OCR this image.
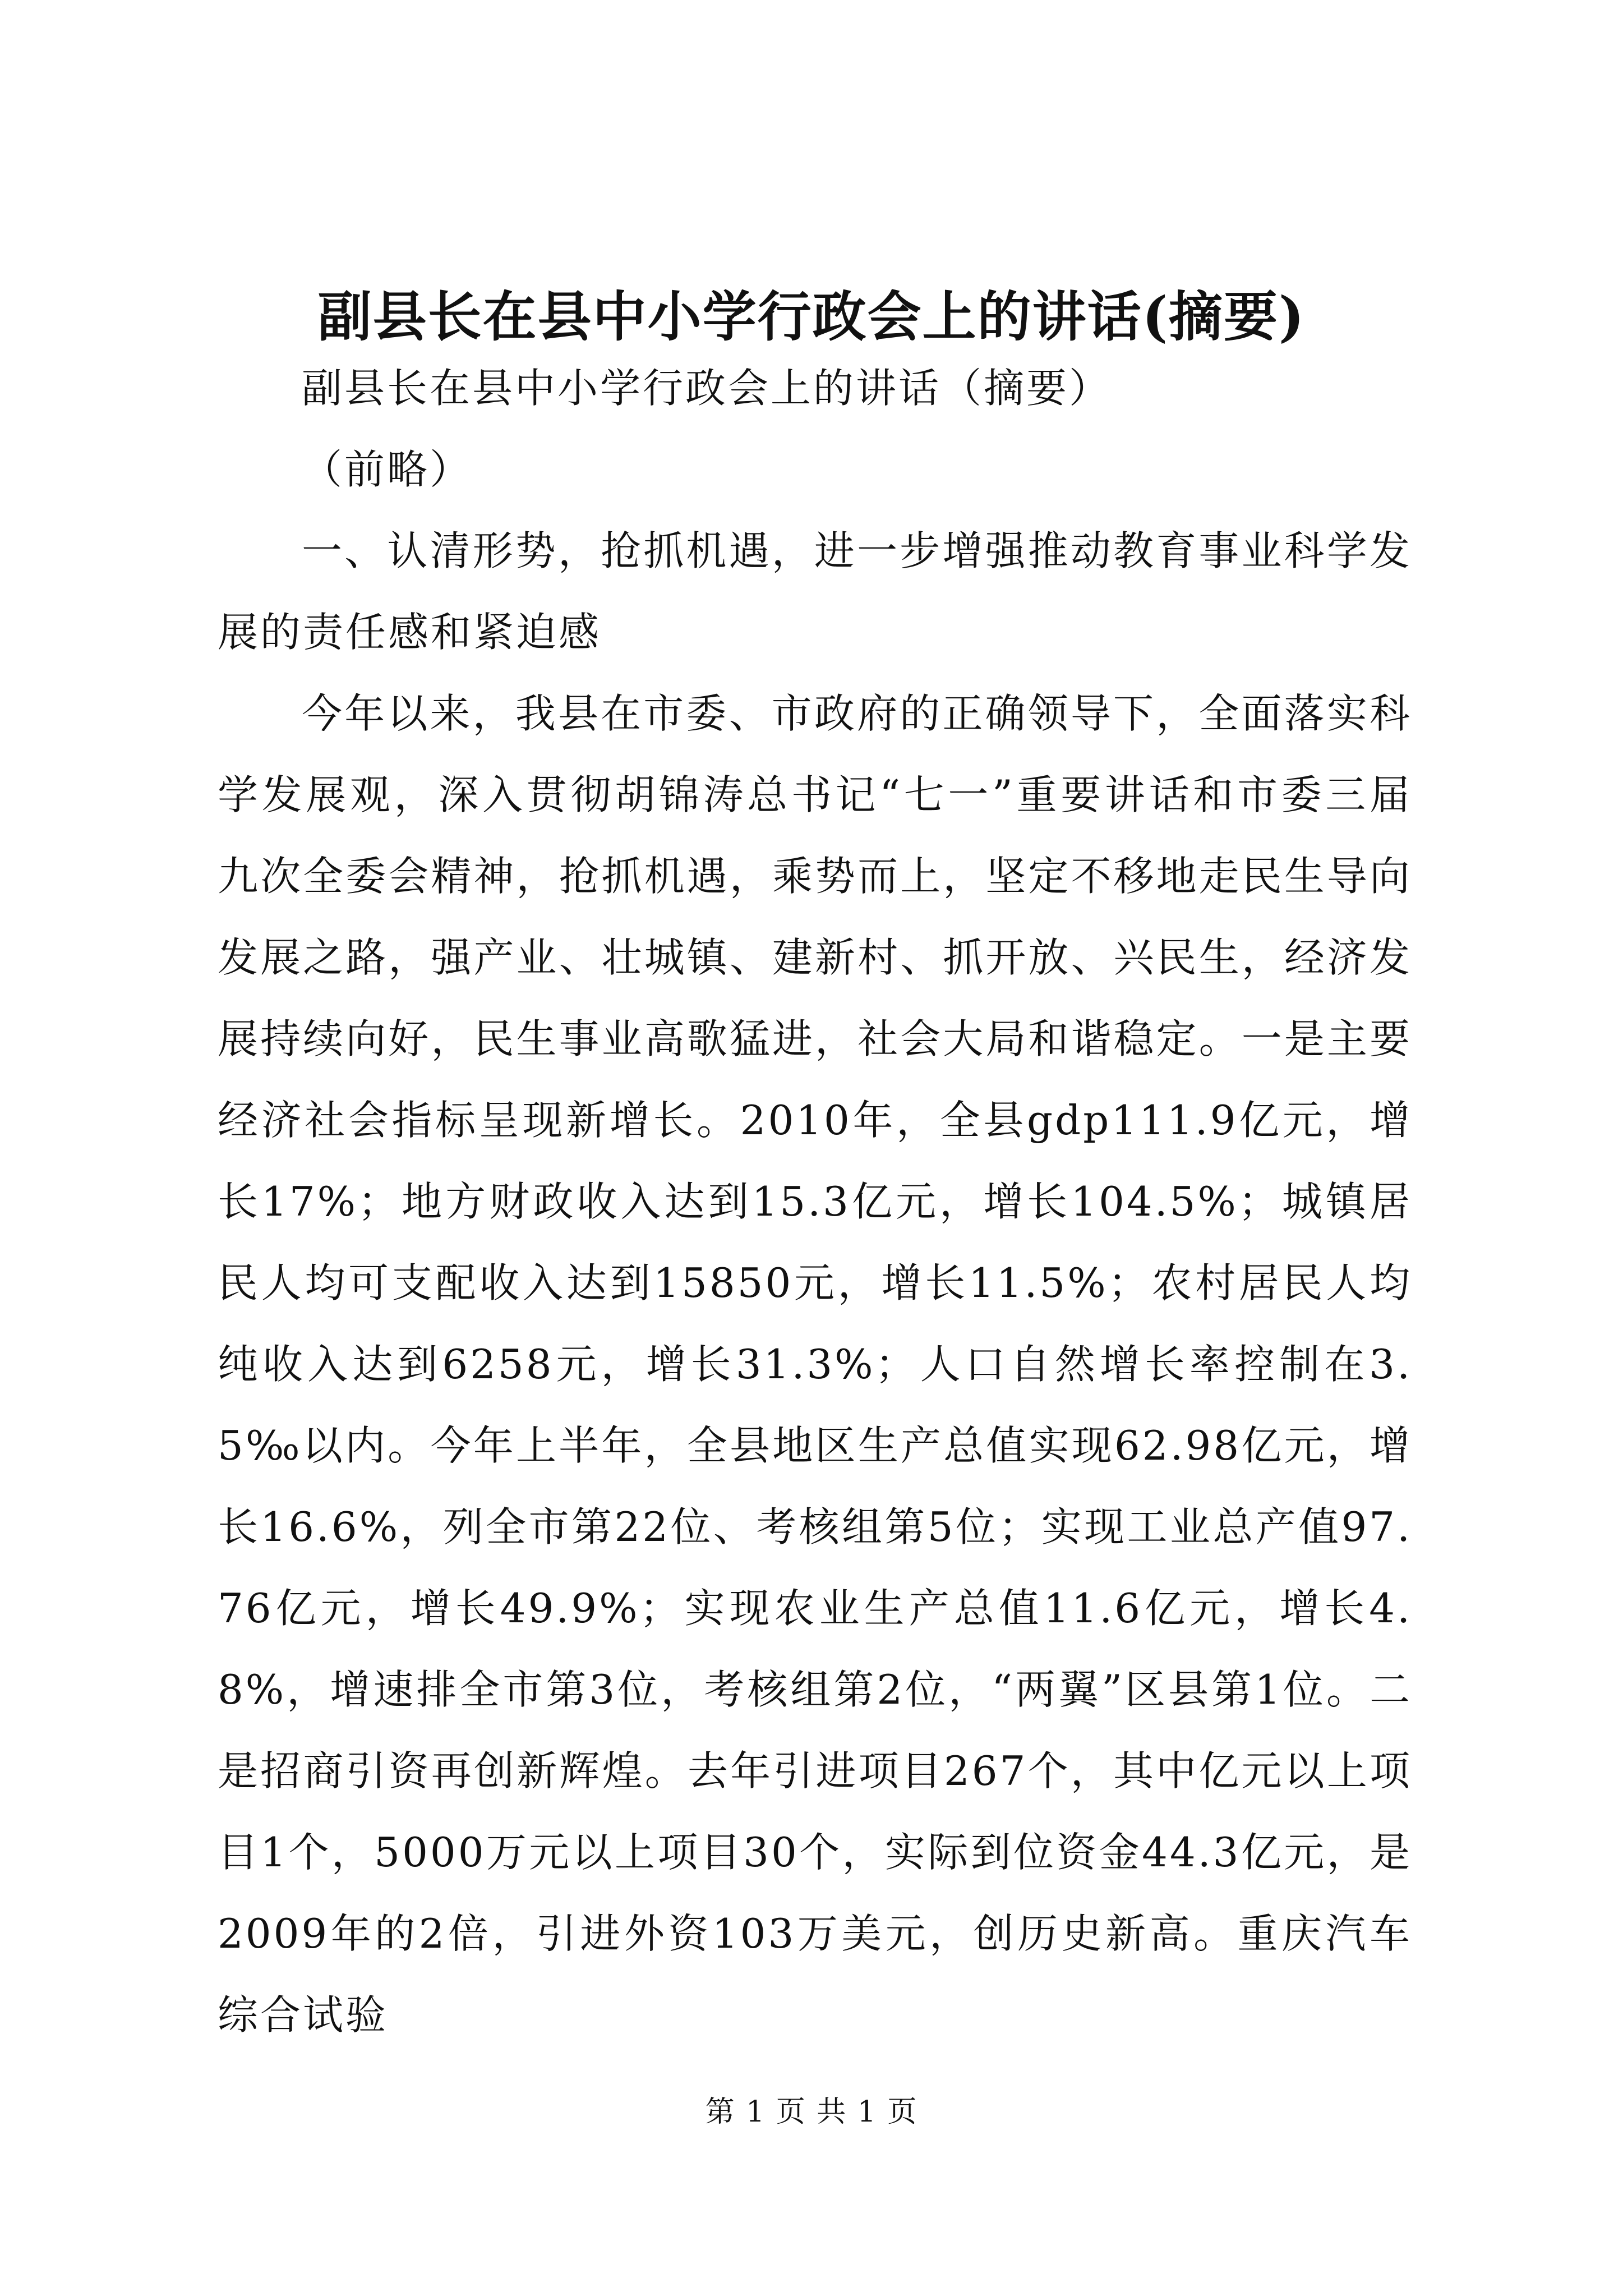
副县长在县中小学行政会上的讲话(摘要)

副县长在县中小学行政会上的讲话（摘要）

（前略）

一、认清形势，抢抓机遇，进一步增强推动教育事业科学发展的责任感和紧迫感

今年以来，我县在市委、市政府的正确领导下，全面落实科学发展观，深入贯彻胡锦涛总书记“七一”重要讲话和市委三届九次全委会精神，抢抓机遇，乘势而上，坚定不移地走民生导向发展之路，强产业、壮城镇、建新村、抓开放、兴民生，经济发展持续向好，民生事业高歌猛进，社会大局和谐稳定。一是主要经济社会指标呈现新增长。2010年，全县gdp111.9亿元，增长17%；地方财政收入达到15.3亿元，增长104.5%；城镇居民人均可支配收入达到15850元，增长11.5%；农村居民人均纯收入达到6258元，增长31.3%；人口自然增长率控制在3.5‰以内。今年上半年，全县地区生产总值实现62.98亿元，增长16.6%，列全市第22位、考核组第5位；实现工业总产值97.76亿元，增长49.9%；实现农业生产总值11.6亿元，增长4.8%，增速排全市第3位，考核组第2位，“两翼”区县第1位。二是招商引资再创新辉煌。去年引进项目267个，其中亿元以上项目1个，5000万元以上项目30个，实际到位资金44.3亿元，是2009年的2倍，引进外资103万美元，创历史新高。重庆汽车综合试验

第 1 页 共 1 页
